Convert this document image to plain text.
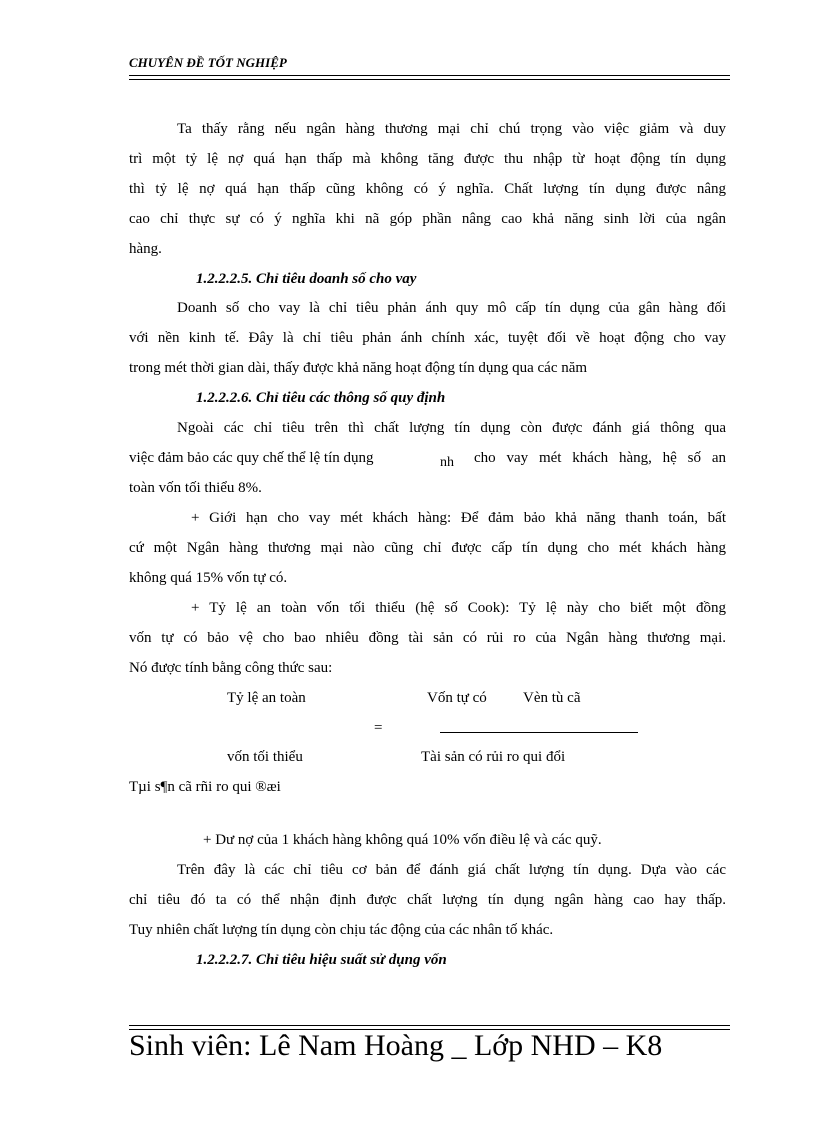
CHUYÊN ĐỀ TỐT NGHIỆP
Ta thấy rằng nếu ngân hàng thương mại chỉ chú trọng vào việc giảm và duy
trì một tỷ lệ nợ quá hạn thấp mà không tăng được thu nhập từ hoạt động tín dụng
thì tỷ lệ nợ quá hạn thấp cũng không có ý nghĩa. Chất lượng tín dụng được nâng
cao chỉ thực sự có ý nghĩa khi nã góp phần nâng cao khả năng sinh lời của ngân
hàng.
1.2.2.2.5. Chỉ tiêu doanh số cho vay
Doanh số cho vay là chỉ tiêu phản ánh quy mô cấp tín dụng của gân hàng đối
với nền kinh tế. Đây là chỉ tiêu phản ánh chính xác, tuyệt đối về hoạt động cho vay
trong mét thời gian dài, thấy được khả năng hoạt động tín dụng qua các năm
1.2.2.2.6. Chỉ tiêu các thông số quy định
Ngoài các chỉ tiêu trên thì chất lượng tín dụng còn được đánh giá thông qua
việc đảm bảo các quy chế thể lệ tín dụng	nh cho vay mét khách hàng, hệ số an
toàn vốn tối thiểu 8%.
+ Giới hạn cho vay mét khách hàng: Để đảm bảo khả năng thanh toán, bất
cứ một Ngân hàng thương mại nào cũng chỉ được cấp tín dụng cho mét khách hàng
không quá 15% vốn tự có.
+ Tỷ lệ an toàn vốn tối thiểu (hệ số Cook): Tỷ lệ này cho biết một đồng
vốn tự có bảo vệ cho bao nhiêu đồng tài sản có rủi ro của Ngân hàng thương mại.
Nó được tính bằng công thức sau:
Tỷ lệ an toàn	Vốn tự có Vèn tù cã
=
vốn tối thiểu	Tài sản có rủi ro qui đổi
Tµi s¶n cã rñi ro qui ®æi
+ Dư nợ của 1 khách hàng không quá 10% vốn điều lệ và các quỹ.
Trên đây là các chỉ tiêu cơ bản để đánh giá chất lượng tín dụng. Dựa vào các
chỉ tiêu đó ta có thể nhận định được chất lượng tín dụng ngân hàng cao hay thấp.
Tuy nhiên chất lượng tín dụng còn chịu tác động của các nhân tố khác.
1.2.2.2.7. Chỉ tiêu hiệu suất sử dụng vốn
Sinh viên: Lê Nam Hoàng _ Lớp NHD – K8
